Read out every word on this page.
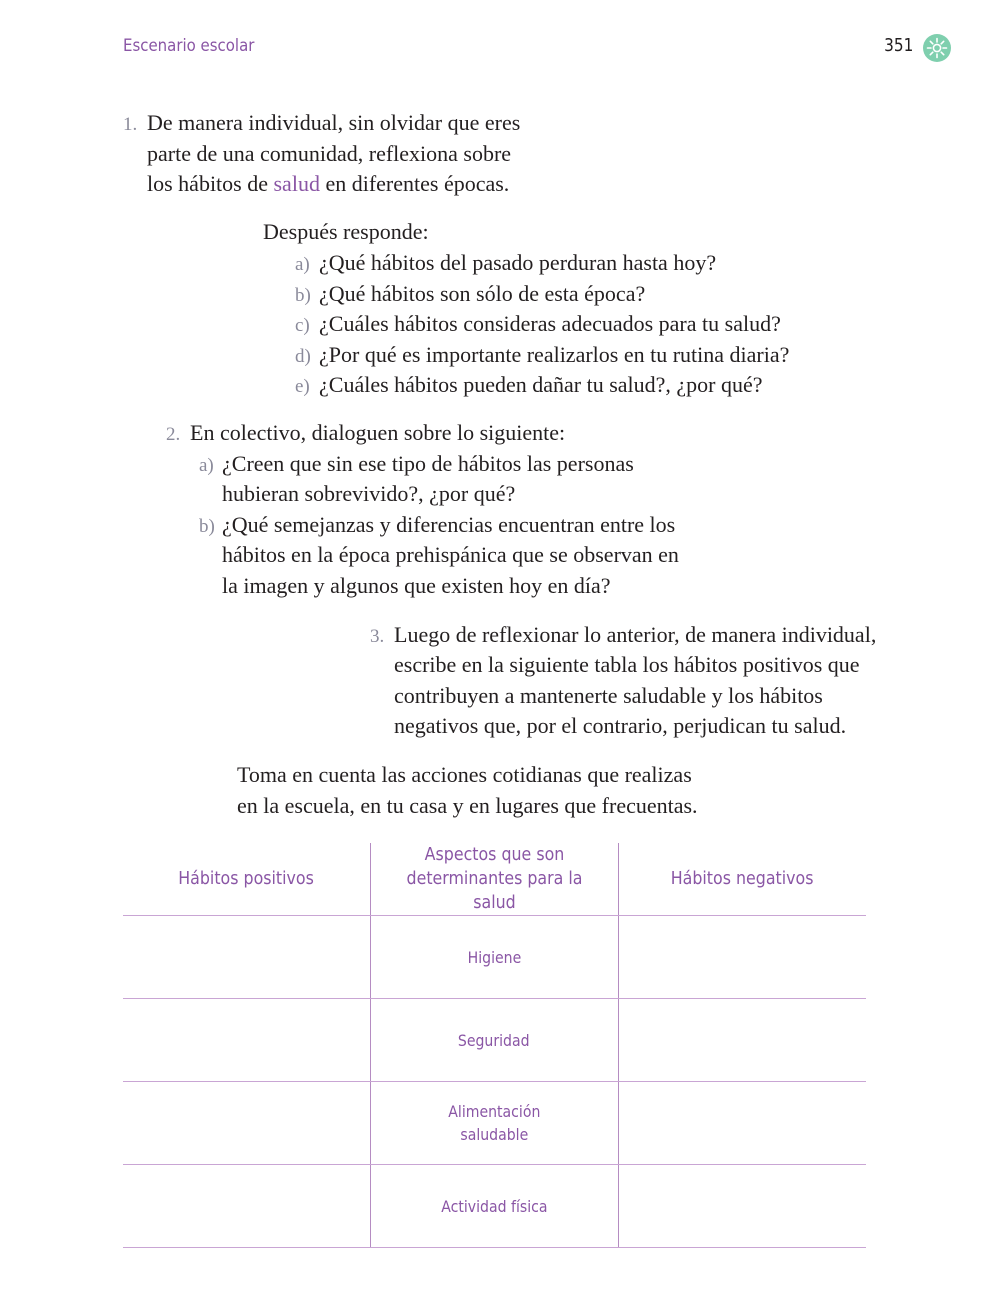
Escenario escolar	351
1. De manera individual, sin olvidar que eres
parte de una comunidad, reflexiona sobre
los hábitos de salud en diferentes épocas.
Después responde:
a) ¿Qué hábitos del pasado perduran hasta hoy?
b) ¿Qué hábitos son sólo de esta época?
c) ¿Cuáles hábitos consideras adecuados para tu salud?
d) ¿Por qué es importante realizarlos en tu rutina diaria?
e) ¿Cuáles hábitos pueden dañar tu salud?, ¿por qué?
2. En colectivo, dialoguen sobre lo siguiente:
a) ¿Creen que sin ese tipo de hábitos las personas
hubieran sobrevivido?, ¿por qué?
b) ¿Qué semejanzas y diferencias encuentran entre los
hábitos en la época prehispánica que se observan en
la imagen y algunos que existen hoy en día?
3. Luego de reflexionar lo anterior, de manera individual,
escribe en la siguiente tabla los hábitos positivos que
contribuyen a mantenerte saludable y los hábitos
negativos que, por el contrario, perjudican tu salud.
Toma en cuenta las acciones cotidianas que realizas
en la escuela, en tu casa y en lugares que frecuentas.
Hábitos positivos	Aspectos que son
determinantes para la salud	Hábitos negativos
	Higiene	
	Seguridad	
	Alimentación
saludable	
	Actividad física	
